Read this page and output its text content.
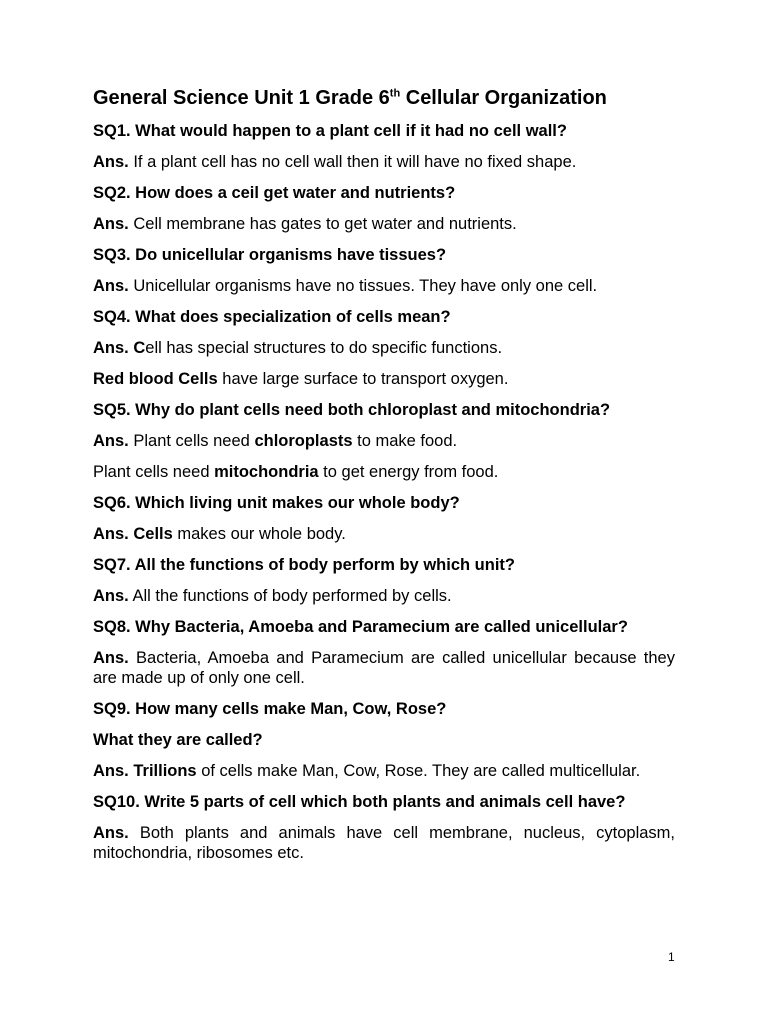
General Science Unit 1 Grade 6th Cellular Organization
SQ1. What would happen to a plant cell if it had no cell wall?
Ans. If a plant cell has no cell wall then it will have no fixed shape.
SQ2. How does a ceil get water and nutrients?
Ans. Cell membrane has gates to get water and nutrients.
SQ3. Do unicellular organisms have tissues?
Ans. Unicellular organisms have no tissues. They have only one cell.
SQ4. What does specialization of cells mean?
Ans. Cell has special structures to do specific functions.
Red blood Cells have large surface to transport oxygen.
SQ5. Why do plant cells need both chloroplast and mitochondria?
Ans. Plant cells need chloroplasts to make food.
Plant cells need mitochondria to get energy from food.
SQ6. Which living unit makes our whole body?
Ans. Cells makes our whole body.
SQ7. All the functions of body perform by which unit?
Ans. All the functions of body performed by cells.
SQ8. Why Bacteria, Amoeba and Paramecium are called unicellular?
Ans. Bacteria, Amoeba and Paramecium are called unicellular because they are made up of only one cell.
SQ9. How many cells make Man, Cow, Rose?
What they are called?
Ans. Trillions of cells make Man, Cow, Rose. They are called multicellular.
SQ10. Write 5 parts of cell which both plants and animals cell have?
Ans. Both plants and animals have cell membrane, nucleus, cytoplasm, mitochondria, ribosomes etc.
1
